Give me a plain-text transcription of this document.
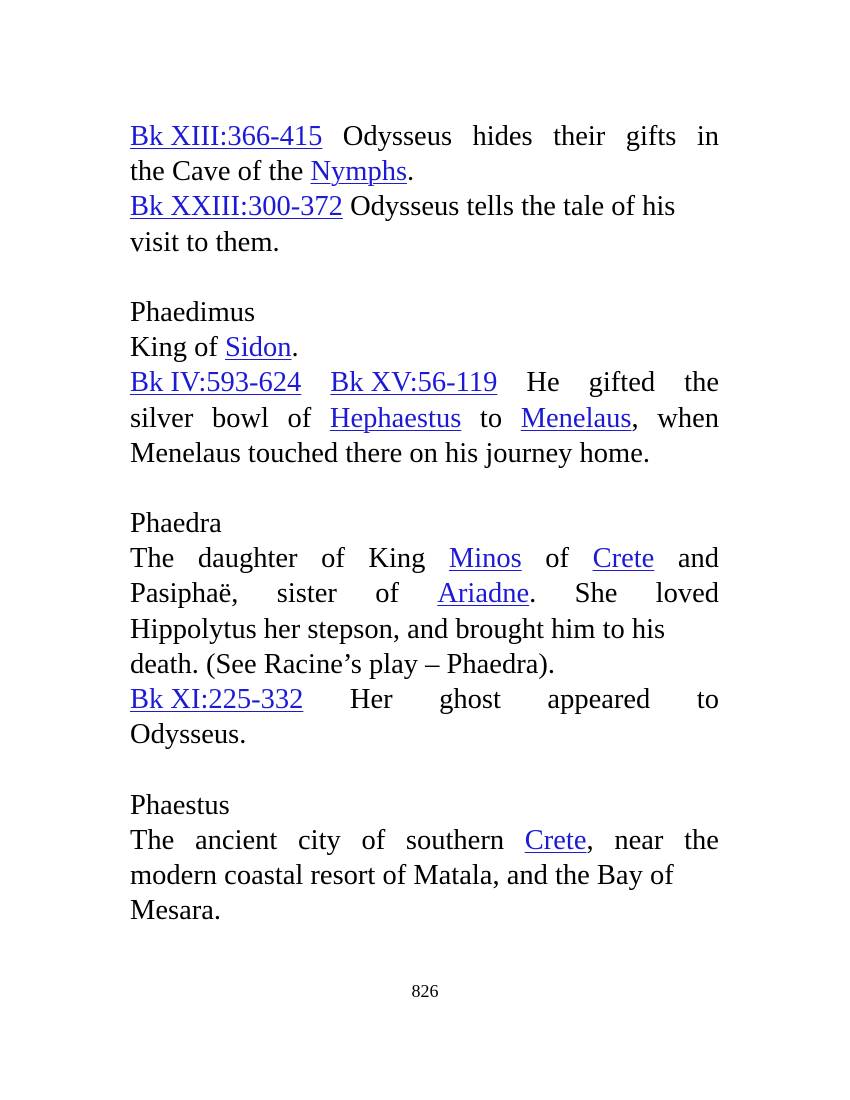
Bk XIII:366-415 Odysseus hides their gifts in
the Cave of the Nymphs.
Bk XXIII:300-372 Odysseus tells the tale of his
visit to them.
Phaedimus
King of Sidon.
Bk IV:593-624 Bk XV:56-119 He gifted the
silver bowl of Hephaestus to Menelaus, when
Menelaus touched there on his journey home.
Phaedra
The daughter of King Minos of Crete and
Pasiphaë, sister of Ariadne. She loved
Hippolytus her stepson, and brought him to his
death. (See Racine’s play – Phaedra).
Bk XI:225-332 Her ghost appeared to
Odysseus.
Phaestus
The ancient city of southern Crete, near the
modern coastal resort of Matala, and the Bay of
Mesara.
826
